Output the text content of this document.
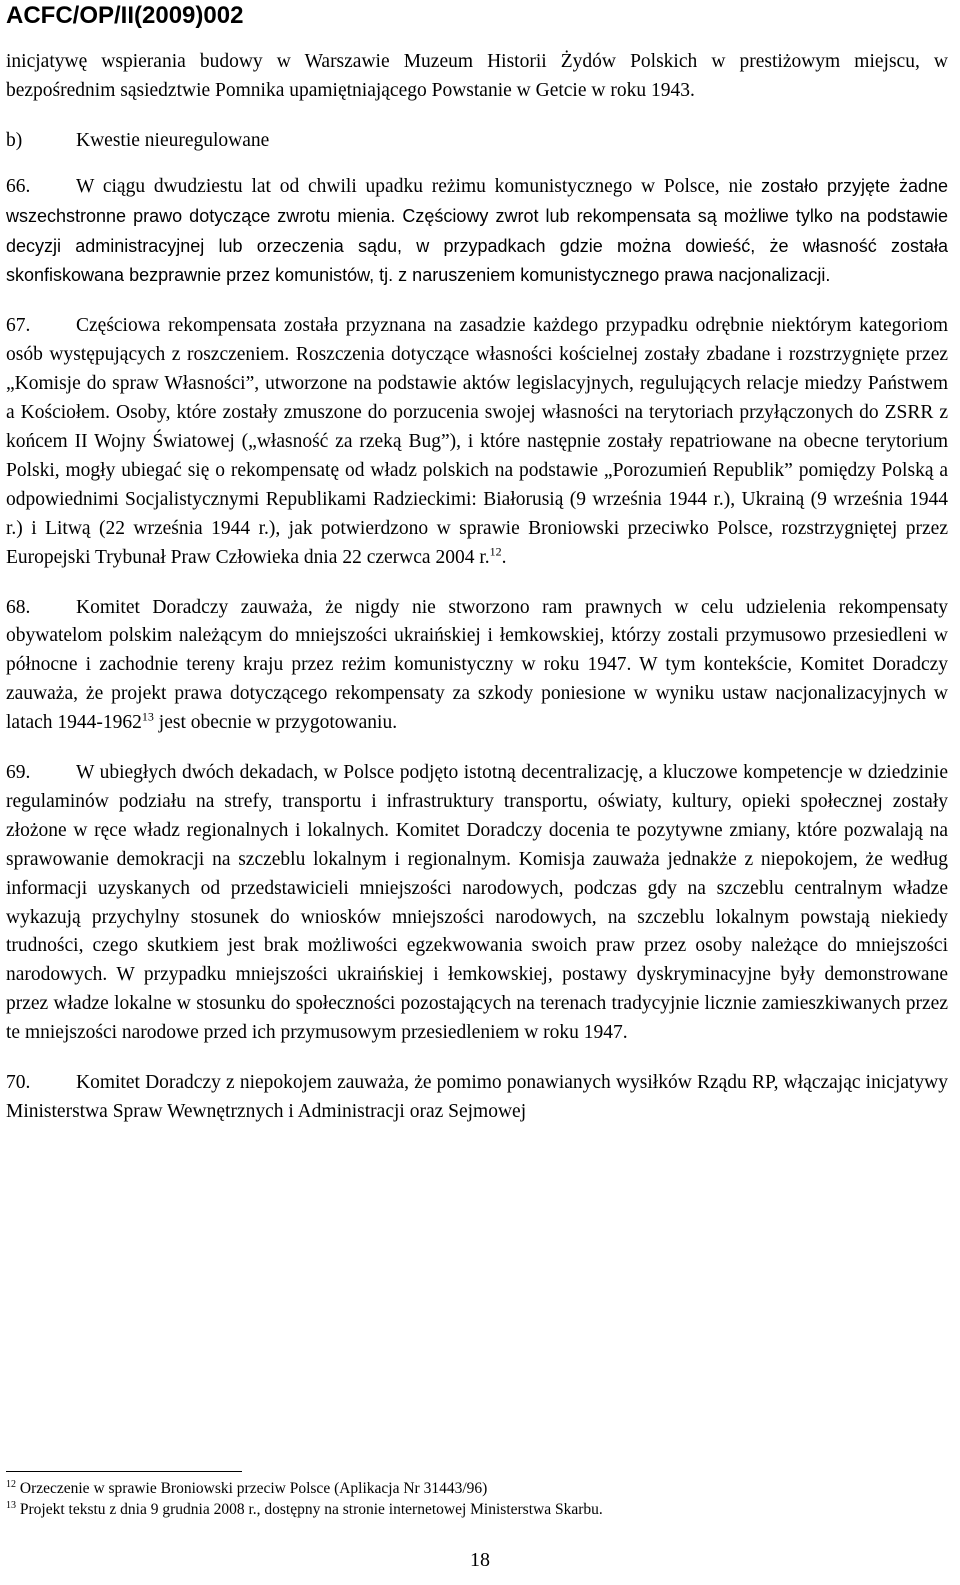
ACFC/OP/II(2009)002

inicjatywę wspierania budowy w Warszawie Muzeum Historii Żydów Polskich w prestiżowym miejscu, w bezpośrednim sąsiedztwie Pomnika upamiętniającego Powstanie w Getcie w roku 1943.

b)	Kwestie nieuregulowane

66. W ciągu dwudziestu lat od chwili upadku reżimu komunistycznego w Polsce, nie zostało przyjęte żadne wszechstronne prawo dotyczące zwrotu mienia. Częściowy zwrot lub rekompensata są możliwe tylko na podstawie decyzji administracyjnej lub orzeczenia sądu, w przypadkach gdzie można dowieść, że własność została skonfiskowana bezprawnie przez komunistów, tj. z naruszeniem komunistycznego prawa nacjonalizacji.

67. Częściowa rekompensata została przyznana na zasadzie każdego przypadku odrębnie niektórym kategoriom osób występujących z roszczeniem. Roszczenia dotyczące własności kościelnej zostały zbadane i rozstrzygnięte przez „Komisje do spraw Własności”, utworzone na podstawie aktów legislacyjnych, regulujących relacje miedzy Państwem a Kościołem. Osoby, które zostały zmuszone do porzucenia swojej własności na terytoriach przyłączonych do ZSRR z końcem II Wojny Światowej („własność za rzeką Bug”), i które następnie zostały repatriowane na obecne terytorium Polski, mogły ubiegać się o rekompensatę od władz polskich na podstawie „Porozumień Republik” pomiędzy Polską a odpowiednimi Socjalistycznymi Republikami Radzieckimi: Białorusią (9 września 1944 r.), Ukrainą (9 września 1944 r.) i Litwą (22 września 1944 r.), jak potwierdzono w sprawie Broniowski przeciwko Polsce, rozstrzygniętej przez Europejski Trybunał Praw Człowieka dnia 22 czerwca 2004 r.$^{12}$.

68. Komitet Doradczy zauważa, że nigdy nie stworzono ram prawnych w celu udzielenia rekompensaty obywatelom polskim należącym do mniejszości ukraińskiej i łemkowskiej, którzy zostali przymusowo przesiedleni w północne i zachodnie tereny kraju przez reżim komunistyczny w roku 1947. W tym kontekście, Komitet Doradczy zauważa, że projekt prawa dotyczącego rekompensaty za szkody poniesione w wyniku ustaw nacjonalizacyjnych w latach 1944-1962$^{13}$ jest obecnie w przygotowaniu.

69. W ubiegłych dwóch dekadach, w Polsce podjęto istotną decentralizację, a kluczowe kompetencje w dziedzinie regulaminów podziału na strefy, transportu i infrastruktury transportu, oświaty, kultury, opieki społecznej zostały złożone w ręce władz regionalnych i lokalnych. Komitet Doradczy docenia te pozytywne zmiany, które pozwalają na sprawowanie demokracji na szczeblu lokalnym i regionalnym. Komisja zauważa jednakże z niepokojem, że według informacji uzyskanych od przedstawicieli mniejszości narodowych, podczas gdy na szczeblu centralnym władze wykazują przychylny stosunek do wniosków mniejszości narodowych, na szczeblu lokalnym powstają niekiedy trudności, czego skutkiem jest brak możliwości egzekwowania swoich praw przez osoby należące do mniejszości narodowych. W przypadku mniejszości ukraińskiej i łemkowskiej, postawy dyskryminacyjne były demonstrowane przez władze lokalne w stosunku do społeczności pozostających na terenach tradycyjnie licznie zamieszkiwanych przez te mniejszości narodowe przed ich przymusowym przesiedleniem w roku 1947.

70. Komitet Doradczy z niepokojem zauważa, że pomimo ponawianych wysiłków Rządu RP, włączając inicjatywy Ministerstwa Spraw Wewnętrznych i Administracji oraz Sejmowej

$^{12}$ Orzeczenie w sprawie Broniowski przeciw Polsce (Aplikacja Nr 31443/96)
$^{13}$ Projekt tekstu z dnia 9 grudnia 2008 r., dostępny na stronie internetowej Ministerstwa Skarbu.
18
